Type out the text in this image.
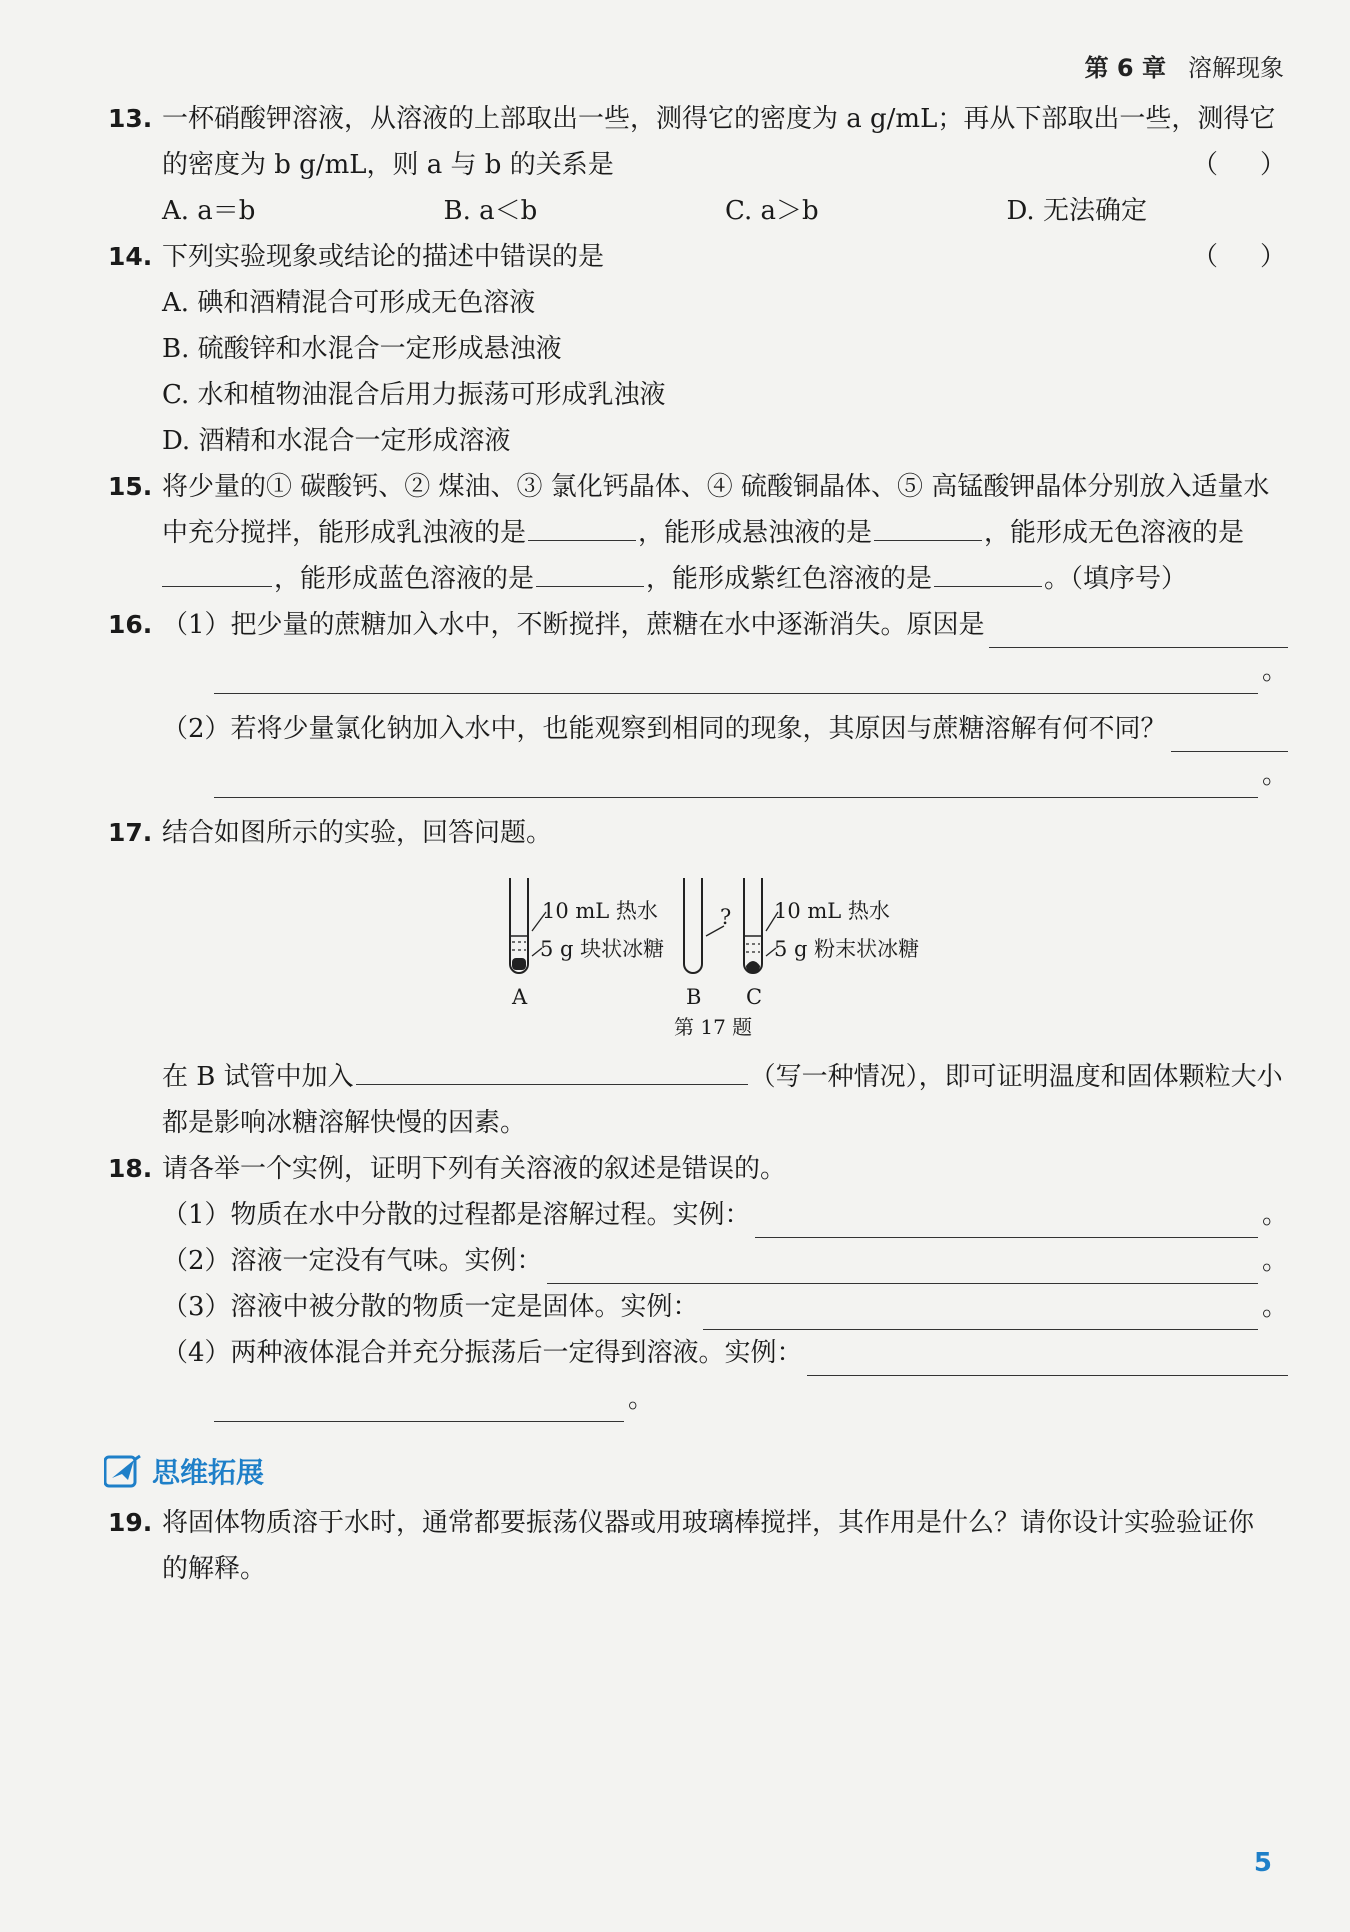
第 6 章 溶解现象
13. 一杯硝酸钾溶液，从溶液的上部取出一些，测得它的密度为 a g/mL；再从下部取出一些，测得它
的密度为 b g/mL，则 a 与 b 的关系是	（ ）
A. a＝b	B. a＜b	C. a＞b	D. 无法确定
14. 下列实验现象或结论的描述中错误的是	（ ）
A. 碘和酒精混合可形成无色溶液
B. 硫酸锌和水混合一定形成悬浊液
C. 水和植物油混合后用力振荡可形成乳浊液
D. 酒精和水混合一定形成溶液
15. 将少量的① 碳酸钙、② 煤油、③ 氯化钙晶体、④ 硫酸铜晶体、⑤ 高锰酸钾晶体分别放入适量水
中充分搅拌，能形成乳浊液的是	，能形成悬浊液的是	，能形成无色溶液的是
，能形成蓝色溶液的是	，能形成紫红色溶液的是	。（填序号）
16. （1）把少量的蔗糖加入水中，不断搅拌，蔗糖在水中逐渐消失。原因是
。
（2）若将少量氯化钠加入水中，也能观察到相同的现象，其原因与蔗糖溶解有何不同？
。
17. 结合如图所示的实验，回答问题。
10 mL 热水
5 g 块状冰糖
? 10 mL 热水
5 g 粉末状冰糖
A	B C
第 17 题
在 B 试管中加入	（写一种情况），即可证明温度和固体颗粒大小
都是影响冰糖溶解快慢的因素。
18. 请各举一个实例，证明下列有关溶液的叙述是错误的。
（1）物质在水中分散的过程都是溶解过程。实例：	。
（2）溶液一定没有气味。实例：	。
（3）溶液中被分散的物质一定是固体。实例：	。
（4）两种液体混合并充分振荡后一定得到溶液。实例：
。
思维拓展
19. 将固体物质溶于水时，通常都要振荡仪器或用玻璃棒搅拌，其作用是什么？请你设计实验验证你
的解释。
5
